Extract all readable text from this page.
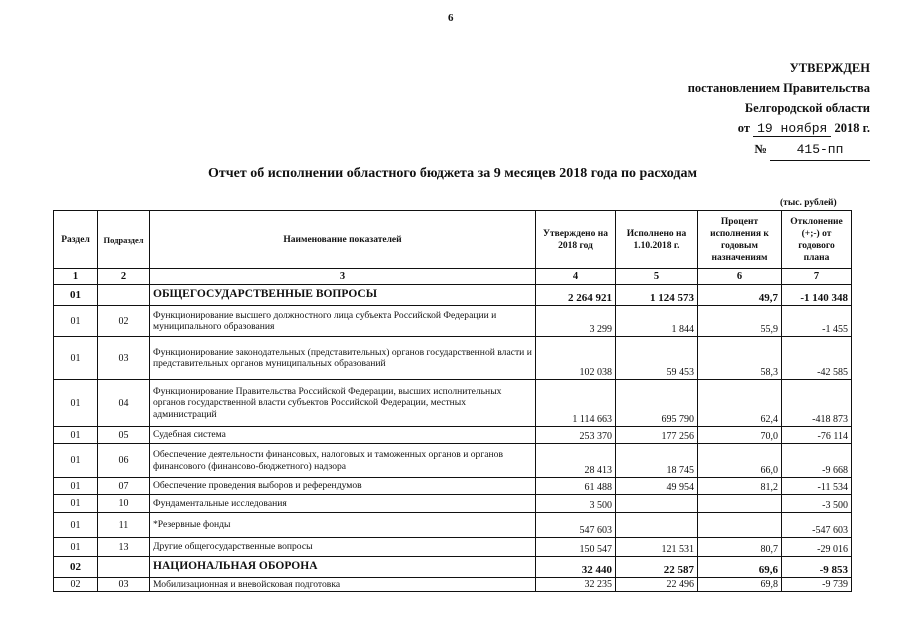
6
УТВЕРЖДЕН
постановлением Правительства
Белгородской области
от 19 ноября 2018 г.
№ 415-пп
Отчет об исполнении областного бюджета за 9 месяцев 2018 года по расходам
(тыс. рублей)
Раздел	Подраздел	Наименование показателей	Утверждено на 2018 год	Исполнено на 1.10.2018 г.	Процент исполнения к годовым назначениям	Отклонение (+;-) от годового плана
1	2	3	4	5	6	7
01		ОБЩЕГОСУДАРСТВЕННЫЕ ВОПРОСЫ	2 264 921	1 124 573	49,7	-1 140 348
01	02	Функционирование высшего должностного лица субъекта Российской Федерации и муниципального образования	3 299	1 844	55,9	-1 455
01	03	Функционирование законодательных (представительных) органов государственной власти и представительных органов муниципальных образований	102 038	59 453	58,3	-42 585
01	04	Функционирование Правительства Российской Федерации, высших исполнительных органов государственной власти субъектов Российской Федерации, местных администраций	1 114 663	695 790	62,4	-418 873
01	05	Судебная система	253 370	177 256	70,0	-76 114
01	06	Обеспечение деятельности финансовых, налоговых и таможенных органов и органов финансового (финансово-бюджетного) надзора	28 413	18 745	66,0	-9 668
01	07	Обеспечение проведения выборов и референдумов	61 488	49 954	81,2	-11 534
01	10	Фундаментальные исследования	3 500			-3 500
01	11	*Резервные фонды	547 603			-547 603
01	13	Другие общегосударственные вопросы	150 547	121 531	80,7	-29 016
02		НАЦИОНАЛЬНАЯ ОБОРОНА	32 440	22 587	69,6	-9 853
02	03	Мобилизационная и вневойсковая подготовка	32 235	22 496	69,8	-9 739
